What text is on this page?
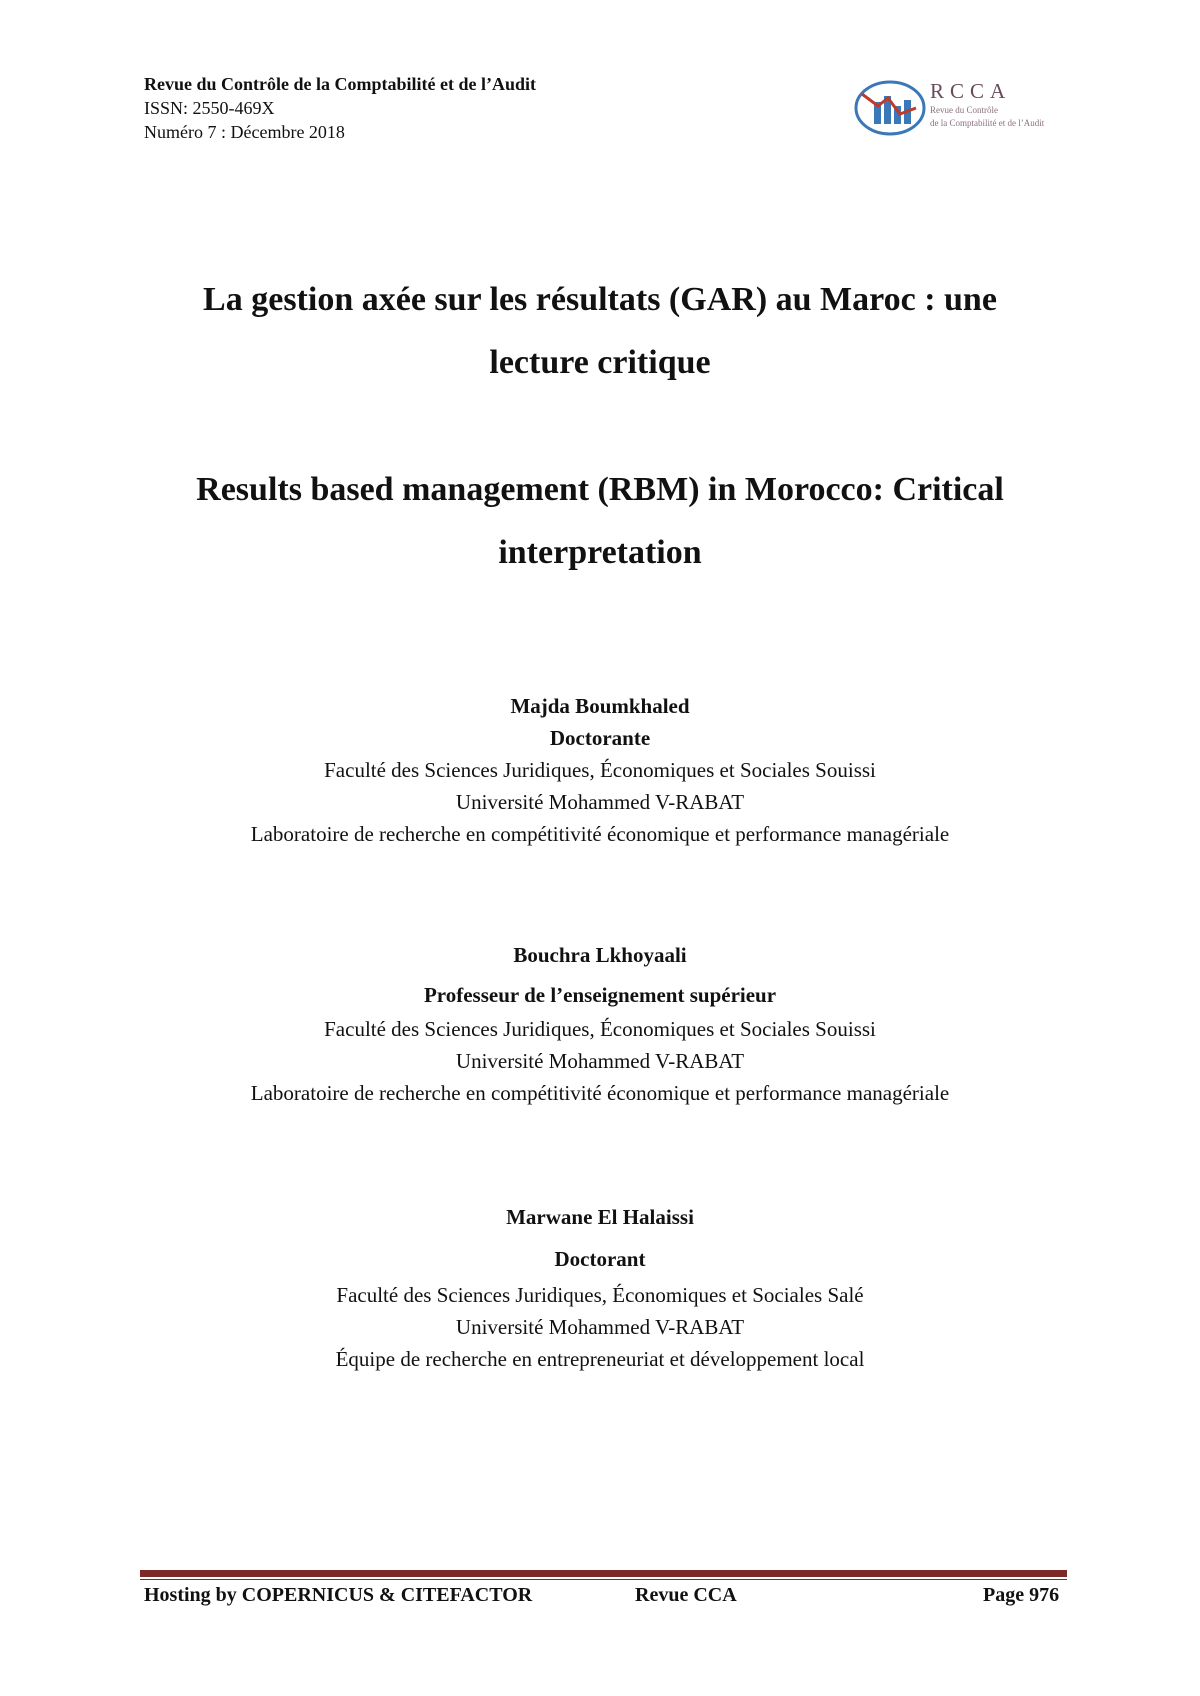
Revue du Contrôle de la Comptabilité et de l’Audit
ISSN: 2550-469X
Numéro 7 : Décembre 2018
RCCA
Revue du Contrôle
de la Comptabilité et de l’Audit
La gestion axée sur les résultats (GAR) au Maroc : une lecture critique
Results based management (RBM) in Morocco: Critical interpretation
Majda Boumkhaled
Doctorante
Faculté des Sciences Juridiques, Économiques et Sociales Souissi
Université Mohammed V-RABAT
Laboratoire de recherche en compétitivité économique et performance managériale
Bouchra Lkhoyaali
Professeur de l’enseignement supérieur
Faculté des Sciences Juridiques, Économiques et Sociales Souissi
Université Mohammed V-RABAT
Laboratoire de recherche en compétitivité économique et performance managériale
Marwane El Halaissi
Doctorant
Faculté des Sciences Juridiques, Économiques et Sociales Salé
Université Mohammed V-RABAT
Équipe de recherche en entrepreneuriat et développement local
Hosting by COPERNICUS & CITEFACTOR	Revue CCA	Page 976
